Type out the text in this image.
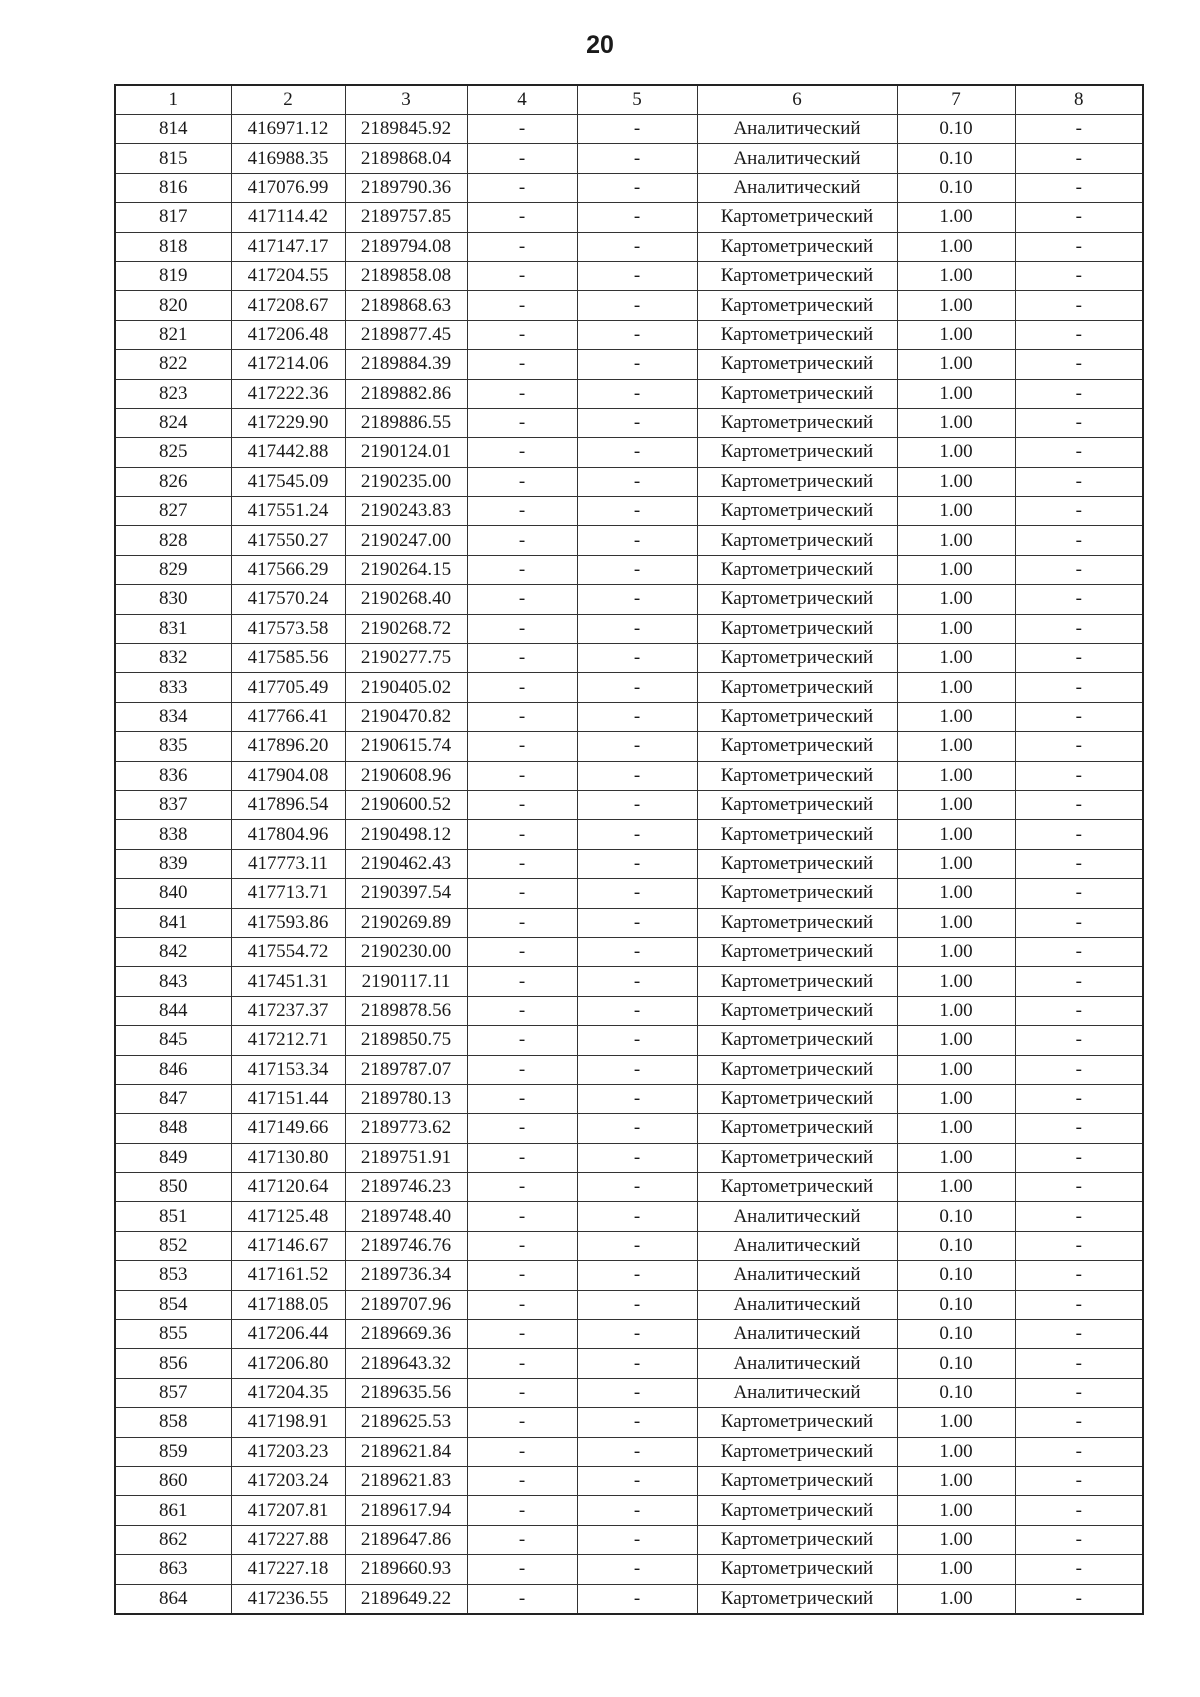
20
1	2	3	4	5	6	7	8
814	416971.12	2189845.92	-	-	Аналитический	0.10	-
815	416988.35	2189868.04	-	-	Аналитический	0.10	-
816	417076.99	2189790.36	-	-	Аналитический	0.10	-
817	417114.42	2189757.85	-	-	Картометрический	1.00	-
818	417147.17	2189794.08	-	-	Картометрический	1.00	-
819	417204.55	2189858.08	-	-	Картометрический	1.00	-
820	417208.67	2189868.63	-	-	Картометрический	1.00	-
821	417206.48	2189877.45	-	-	Картометрический	1.00	-
822	417214.06	2189884.39	-	-	Картометрический	1.00	-
823	417222.36	2189882.86	-	-	Картометрический	1.00	-
824	417229.90	2189886.55	-	-	Картометрический	1.00	-
825	417442.88	2190124.01	-	-	Картометрический	1.00	-
826	417545.09	2190235.00	-	-	Картометрический	1.00	-
827	417551.24	2190243.83	-	-	Картометрический	1.00	-
828	417550.27	2190247.00	-	-	Картометрический	1.00	-
829	417566.29	2190264.15	-	-	Картометрический	1.00	-
830	417570.24	2190268.40	-	-	Картометрический	1.00	-
831	417573.58	2190268.72	-	-	Картометрический	1.00	-
832	417585.56	2190277.75	-	-	Картометрический	1.00	-
833	417705.49	2190405.02	-	-	Картометрический	1.00	-
834	417766.41	2190470.82	-	-	Картометрический	1.00	-
835	417896.20	2190615.74	-	-	Картометрический	1.00	-
836	417904.08	2190608.96	-	-	Картометрический	1.00	-
837	417896.54	2190600.52	-	-	Картометрический	1.00	-
838	417804.96	2190498.12	-	-	Картометрический	1.00	-
839	417773.11	2190462.43	-	-	Картометрический	1.00	-
840	417713.71	2190397.54	-	-	Картометрический	1.00	-
841	417593.86	2190269.89	-	-	Картометрический	1.00	-
842	417554.72	2190230.00	-	-	Картометрический	1.00	-
843	417451.31	2190117.11	-	-	Картометрический	1.00	-
844	417237.37	2189878.56	-	-	Картометрический	1.00	-
845	417212.71	2189850.75	-	-	Картометрический	1.00	-
846	417153.34	2189787.07	-	-	Картометрический	1.00	-
847	417151.44	2189780.13	-	-	Картометрический	1.00	-
848	417149.66	2189773.62	-	-	Картометрический	1.00	-
849	417130.80	2189751.91	-	-	Картометрический	1.00	-
850	417120.64	2189746.23	-	-	Картометрический	1.00	-
851	417125.48	2189748.40	-	-	Аналитический	0.10	-
852	417146.67	2189746.76	-	-	Аналитический	0.10	-
853	417161.52	2189736.34	-	-	Аналитический	0.10	-
854	417188.05	2189707.96	-	-	Аналитический	0.10	-
855	417206.44	2189669.36	-	-	Аналитический	0.10	-
856	417206.80	2189643.32	-	-	Аналитический	0.10	-
857	417204.35	2189635.56	-	-	Аналитический	0.10	-
858	417198.91	2189625.53	-	-	Картометрический	1.00	-
859	417203.23	2189621.84	-	-	Картометрический	1.00	-
860	417203.24	2189621.83	-	-	Картометрический	1.00	-
861	417207.81	2189617.94	-	-	Картометрический	1.00	-
862	417227.88	2189647.86	-	-	Картометрический	1.00	-
863	417227.18	2189660.93	-	-	Картометрический	1.00	-
864	417236.55	2189649.22	-	-	Картометрический	1.00	-
